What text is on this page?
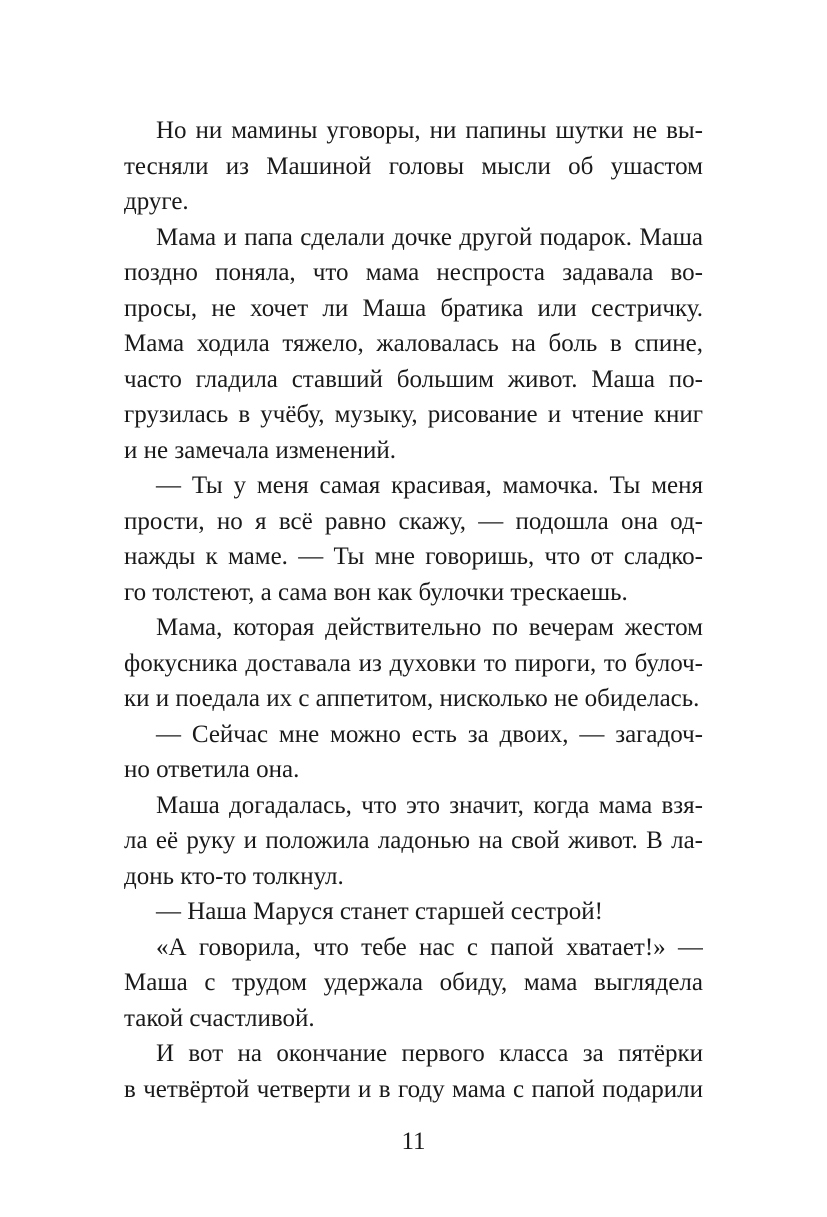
Но ни мамины уговоры, ни папины шутки не вы-
тесняли из Машиной головы мысли об ушастом
друге.
Мама и папа сделали дочке другой подарок. Маша
поздно поняла, что мама неспроста задавала во-
просы, не хочет ли Маша братика или сестричку.
Мама ходила тяжело, жаловалась на боль в спине,
часто гладила ставший большим живот. Маша по-
грузилась в учёбу, музыку, рисование и чтение книг
и не замечала изменений.
— Ты у меня самая красивая, мамочка. Ты меня
прости, но я всё равно скажу, — подошла она од-
нажды к маме. — Ты мне говоришь, что от сладко-
го толстеют, а сама вон как булочки трескаешь.
Мама, которая действительно по вечерам жестом
фокусника доставала из духовки то пироги, то булоч-
ки и поедала их с аппетитом, нисколько не обиделась.
— Сейчас мне можно есть за двоих, — загадоч-
но ответила она.
Маша догадалась, что это значит, когда мама взя-
ла её руку и положила ладонью на свой живот. В ла-
донь кто-то толкнул.
— Наша Маруся станет старшей сестрой!
«А говорила, что тебе нас с папой хватает!» —
Маша с трудом удержала обиду, мама выглядела
такой счастливой.
И вот на окончание первого класса за пятёрки
в четвёртой четверти и в году мама с папой подарили
11
